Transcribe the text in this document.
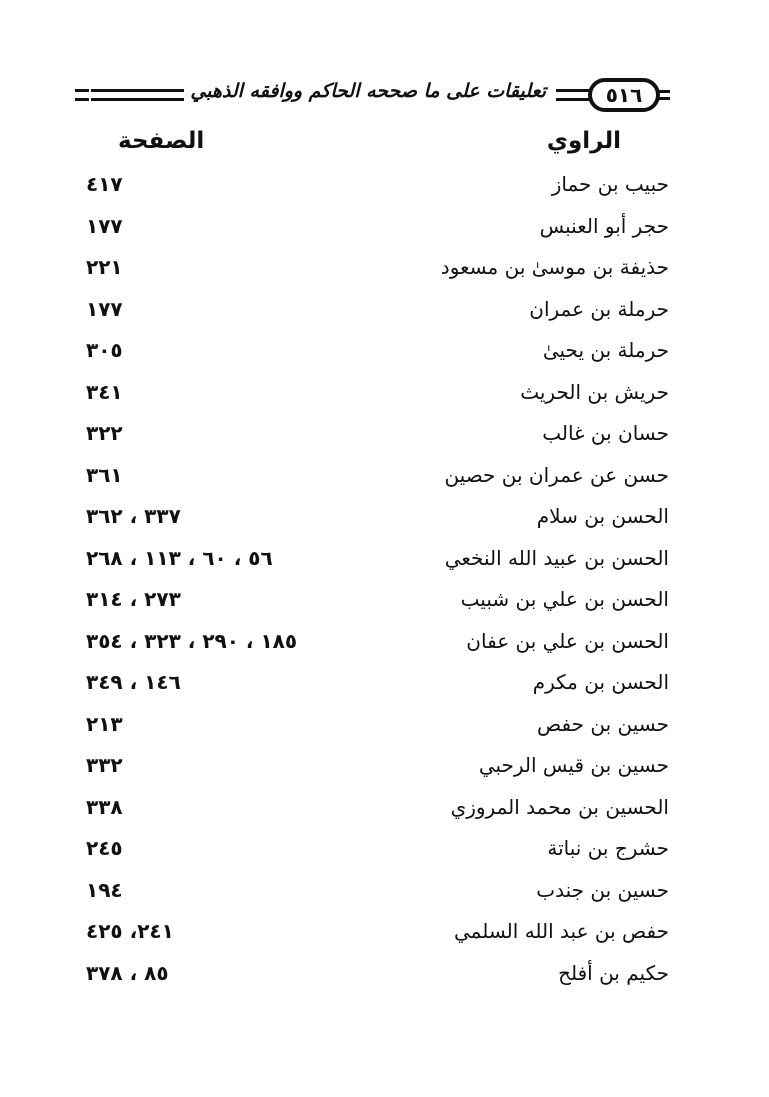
تعليقات على ما صححه الحاكم ووافقه الذهبي	٥١٦
الراوي
الصفحة
حبيب بن حماز
٤١٧
حجر أبو العنبس
١٧٧
حذيفة بن موسىٰ بن مسعود
٢٢١
حرملة بن عمران
١٧٧
حرملة بن يحيىٰ
٣٠٥
حريش بن الحريث
٣٤١
حسان بن غالب
٣٢٢
حسن عن عمران بن حصين
٣٦١
الحسن بن سلام
٣٣٧ ، ٣٦٢
الحسن بن عبيد الله النخعي
٥٦ ، ٦٠ ، ١١٣ ، ٢٦٨
الحسن بن علي بن شبيب
٢٧٣ ، ٣١٤
الحسن بن علي بن عفان
١٨٥ ، ٢٩٠ ، ٣٢٣ ، ٣٥٤
الحسن بن مكرم
١٤٦ ، ٣٤٩
حسين بن حفص
٢١٣
حسين بن قيس الرحبي
٣٣٢
الحسين بن محمد المروزي
٣٣٨
حشرج بن نباتة
٢٤٥
حسين بن جندب
١٩٤
حفص بن عبد الله السلمي
٢٤١، ٤٢٥
حكيم بن أفلح
٨٥ ، ٣٧٨
